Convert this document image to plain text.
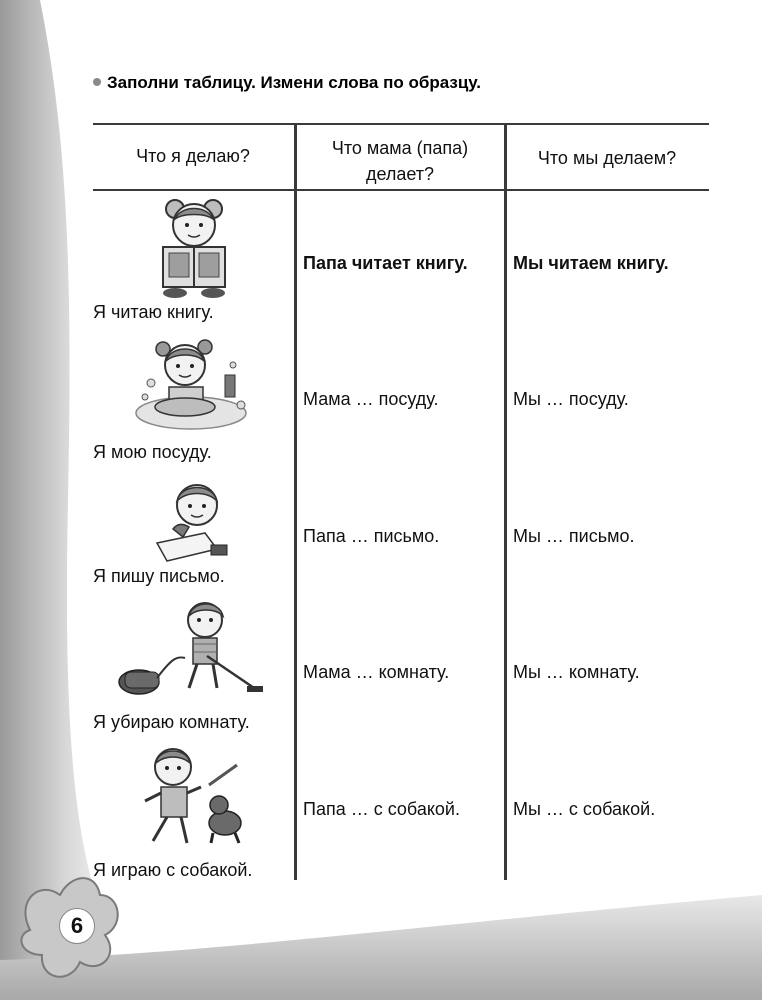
Заполни таблицу. Измени слова по образцу.
Что я делаю?	Что мама (папа)
делает?
Что мы делаем?
Я читаю книгу.
Я мою посуду.
Я пишу письмо.
Я убираю комнату.
Я играю с собакой.
Папа читает книгу.
Мама … посуду.
Папа … письмо.
Мама … комнату.
Папа … с собакой.
Мы читаем книгу.
Мы … посуду.
Мы … письмо.
Мы … комнату.
Мы … с собакой.
6
